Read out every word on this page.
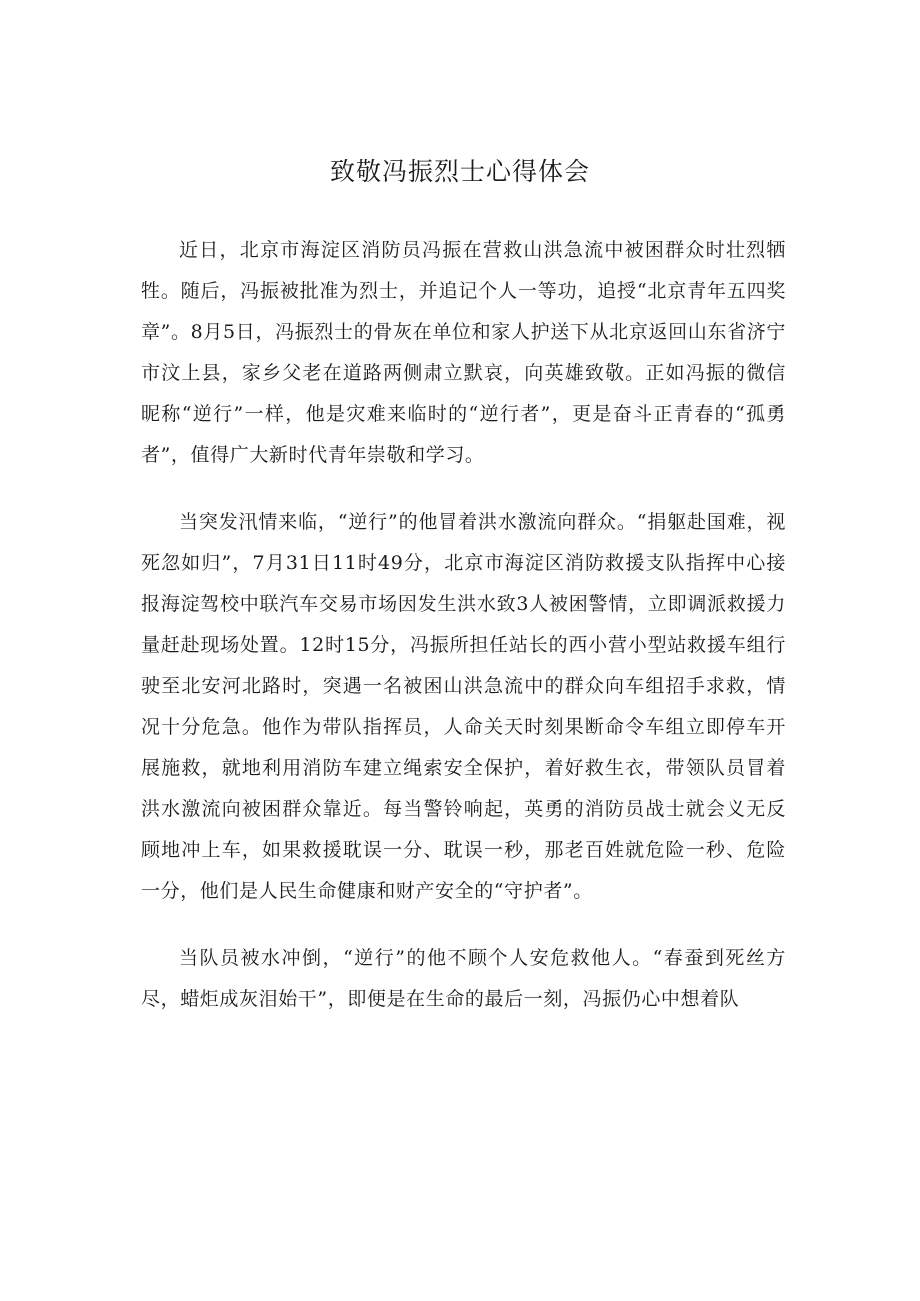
致敬冯振烈士心得体会

近日，北京市海淀区消防员冯振在营救山洪急流中被困群众时壮烈牺牲。随后，冯振被批准为烈士，并追记个人一等功，追授“北京青年五四奖章”。8月5日，冯振烈士的骨灰在单位和家人护送下从北京返回山东省济宁市汶上县，家乡父老在道路两侧肃立默哀，向英雄致敬。正如冯振的微信昵称“逆行”一样，他是灾难来临时的“逆行者”，更是奋斗正青春的“孤勇者”，值得广大新时代青年崇敬和学习。

当突发汛情来临，“逆行”的他冒着洪水激流向群众。“捐躯赴国难，视死忽如归”，7月31日11时49分，北京市海淀区消防救援支队指挥中心接报海淀驾校中联汽车交易市场因发生洪水致3人被困警情，立即调派救援力量赶赴现场处置。12时15分，冯振所担任站长的西小营小型站救援车组行驶至北安河北路时，突遇一名被困山洪急流中的群众向车组招手求救，情况十分危急。他作为带队指挥员，人命关天时刻果断命令车组立即停车开展施救，就地利用消防车建立绳索安全保护，着好救生衣，带领队员冒着洪水激流向被困群众靠近。每当警铃响起，英勇的消防员战士就会义无反顾地冲上车，如果救援耽误一分、耽误一秒，那老百姓就危险一秒、危险一分，他们是人民生命健康和财产安全的“守护者”。

当队员被水冲倒，“逆行”的他不顾个人安危救他人。“春蚕到死丝方尽，蜡炬成灰泪始干”，即便是在生命的最后一刻，冯振仍心中想着队
